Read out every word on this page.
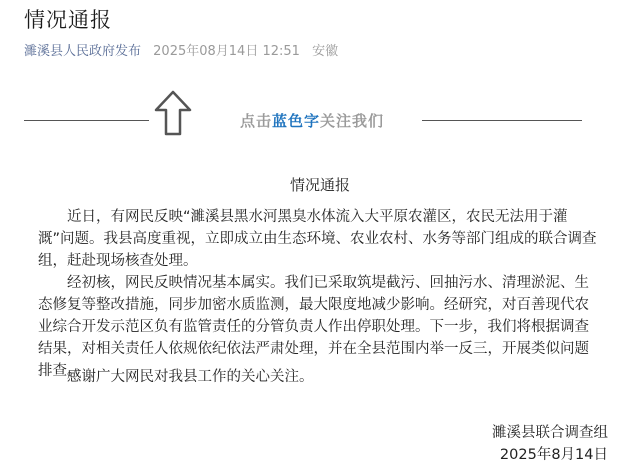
情况通报
濉溪县人民政府发布 2025年08月14日 12:51 安徽
点击蓝色字关注我们
情况通报

近日，有网民反映“濉溪县黑水河黑臭水体流入大平原农灌区，农民无法用于灌溉”问题。我县高度重视，立即成立由生态环境、农业农村、水务等部门组成的联合调查组，赶赴现场核查处理。

经初核，网民反映情况基本属实。我们已采取筑堤截污、回抽污水、清理淤泥、生态修复等整改措施，同步加密水质监测，最大限度地减少影响。经研究，对百善现代农业综合开发示范区负有监管责任的分管负责人作出停职处理。下一步，我们将根据调查结果，对相关责任人依规依纪依法严肃处理，并在全县范围内举一反三，开展类似问题排查。

感谢广大网民对我县工作的关心关注。

濉溪县联合调查组
2025年8月14日
